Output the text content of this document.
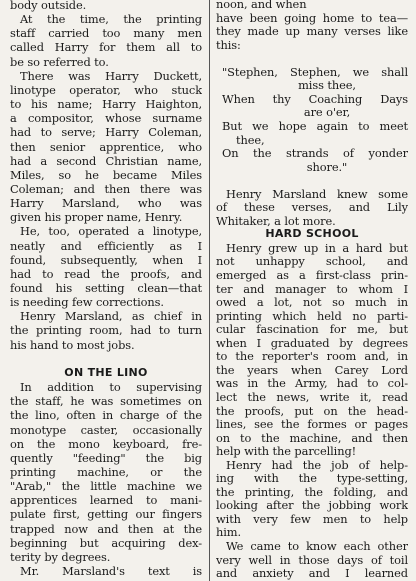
body outside.
At the time, the printing
staff carried too many men
called Harry for them all to
be so referred to.
There was Harry Duckett,
linotype operator, who stuck
to his name; Harry Haighton,
a compositor, whose surname
had to serve; Harry Coleman,
then senior apprentice, who
had a second Christian name,
Miles, so he became Miles
Coleman; and then there was
Harry Marsland, who was
given his proper name, Henry.
He, too, operated a linotype,
neatly and efficiently as I
found, subsequently, when I
had to read the proofs, and
found his setting clean—that
is needing few corrections.
Henry Marsland, as chief in
the printing room, had to turn
his hand to most jobs.
ON THE LINO
In addition to supervising
the staff, he was sometimes on
the lino, often in charge of the
monotype caster, occasionally
on the mono keyboard, fre-
quently "feeding" the big
printing machine, or the
"Arab," the little machine we
apprentices learned to mani-
pulate first, getting our fingers
trapped now and then at the
beginning but acquiring dex-
terity by degrees.
Mr. Marsland's text is
noon, and when
have been going home to tea—
they made up many verses like
this:
"Stephen, Stephen, we shall
miss thee,
When thy Coaching Days
are o'er,
But we hope again to meet
thee,
On the strands of yonder
shore."
Henry Marsland knew some
of these verses, and Lily
Whitaker, a lot more.
HARD SCHOOL
Henry grew up in a hard but
not unhappy school, and
emerged as a first-class prin-
ter and manager to whom I
owed a lot, not so much in
printing which held no parti-
cular fascination for me, but
when I graduated by degrees
to the reporter's room and, in
the years when Carey Lord
was in the Army, had to col-
lect the news, write it, read
the proofs, put on the head-
lines, see the formes or pages
on to the machine, and then
help with the parcelling!
Henry had the job of help-
ing with the type-setting,
the printing, the folding, and
looking after the jobbing work
with very few men to help
him.
We came to know each other
very well in those days of toil
and anxiety and I learned
